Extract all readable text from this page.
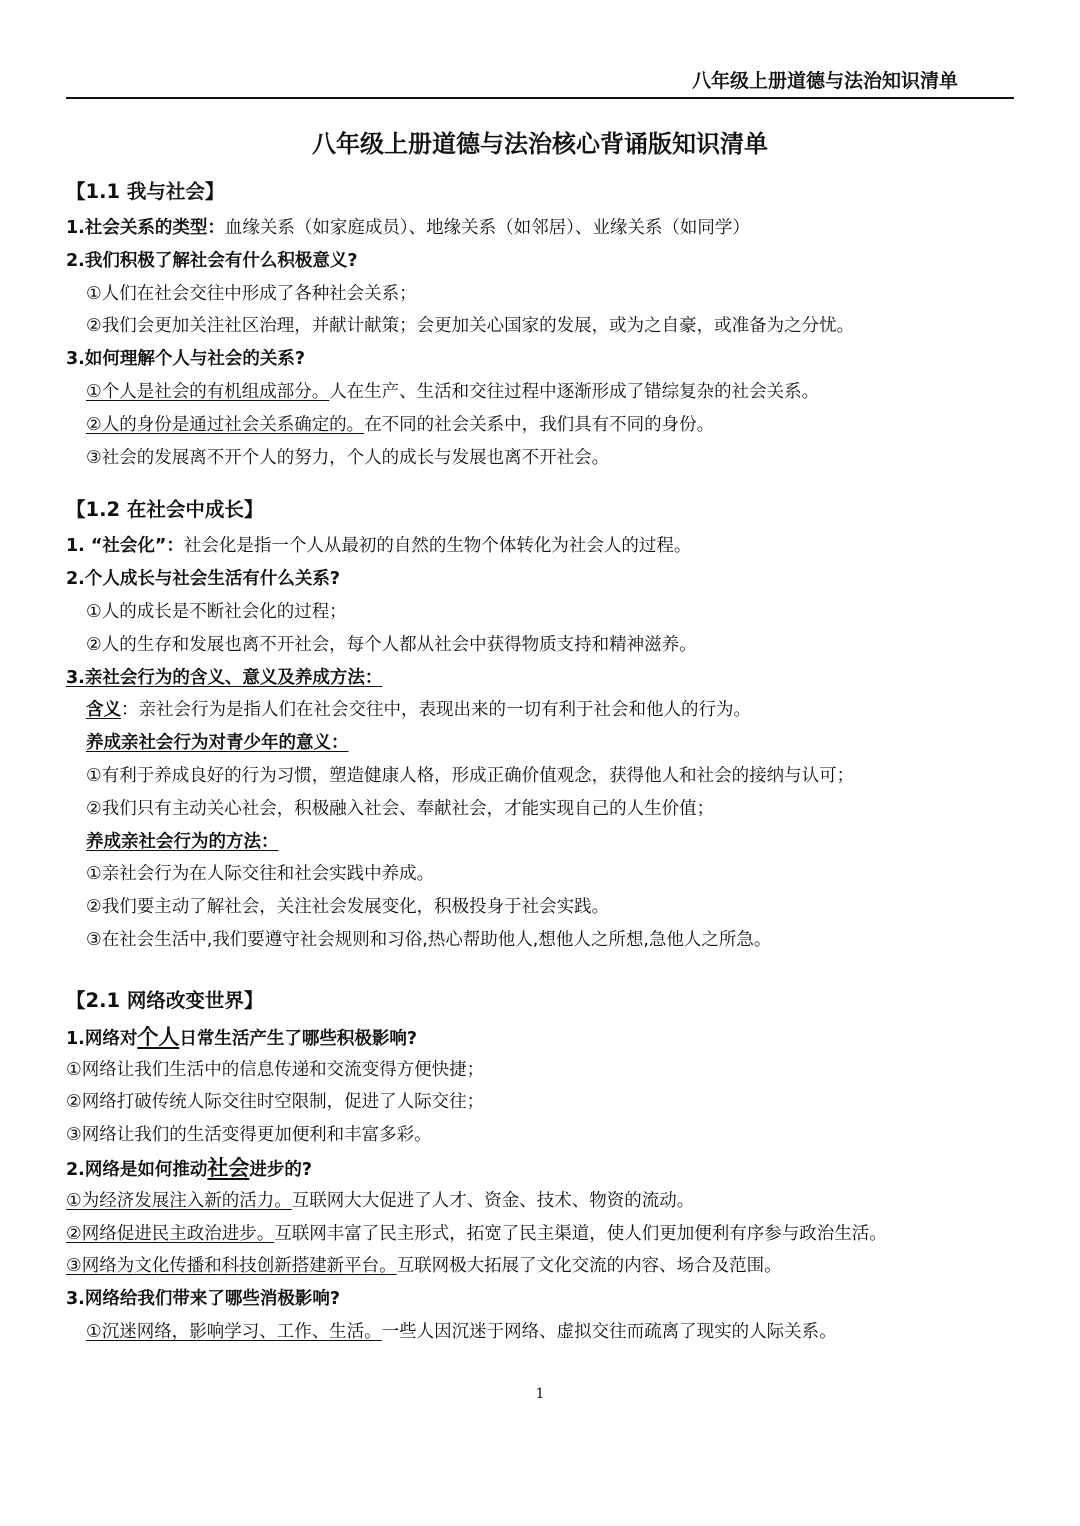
八年级上册道德与法治知识清单
八年级上册道德与法治核心背诵版知识清单
【1.1 我与社会】
1.社会关系的类型：血缘关系（如家庭成员）、地缘关系（如邻居）、业缘关系（如同学）
2.我们积极了解社会有什么积极意义?
①人们在社会交往中形成了各种社会关系；
②我们会更加关注社区治理，并献计献策；会更加关心国家的发展，或为之自豪，或准备为之分忧。
3.如何理解个人与社会的关系?
①个人是社会的有机组成部分。人在生产、生活和交往过程中逐渐形成了错综复杂的社会关系。
②人的身份是通过社会关系确定的。在不同的社会关系中，我们具有不同的身份。
③社会的发展离不开个人的努力，个人的成长与发展也离不开社会。
【1.2 在社会中成长】
1. “社会化”：社会化是指一个人从最初的自然的生物个体转化为社会人的过程。
2.个人成长与社会生活有什么关系?
①人的成长是不断社会化的过程；
②人的生存和发展也离不开社会，每个人都从社会中获得物质支持和精神滋养。
3.亲社会行为的含义、意义及养成方法：
含义：亲社会行为是指人们在社会交往中，表现出来的一切有利于社会和他人的行为。
养成亲社会行为对青少年的意义：
①有利于养成良好的行为习惯，塑造健康人格，形成正确价值观念，获得他人和社会的接纳与认可；
②我们只有主动关心社会，积极融入社会、奉献社会，才能实现自己的人生价值；
养成亲社会行为的方法：
①亲社会行为在人际交往和社会实践中养成。
②我们要主动了解社会，关注社会发展变化，积极投身于社会实践。
③在社会生活中,我们要遵守社会规则和习俗,热心帮助他人,想他人之所想,急他人之所急。
【2.1 网络改变世界】
1.网络对个人日常生活产生了哪些积极影响?
①网络让我们生活中的信息传递和交流变得方便快捷；
②网络打破传统人际交往时空限制，促进了人际交往；
③网络让我们的生活变得更加便利和丰富多彩。
2.网络是如何推动社会进步的?
①为经济发展注入新的活力。互联网大大促进了人才、资金、技术、物资的流动。
②网络促进民主政治进步。互联网丰富了民主形式，拓宽了民主渠道，使人们更加便利有序参与政治生活。
③网络为文化传播和科技创新搭建新平台。互联网极大拓展了文化交流的内容、场合及范围。
3.网络给我们带来了哪些消极影响?
①沉迷网络，影响学习、工作、生活。一些人因沉迷于网络、虚拟交往而疏离了现实的人际关系。
1
